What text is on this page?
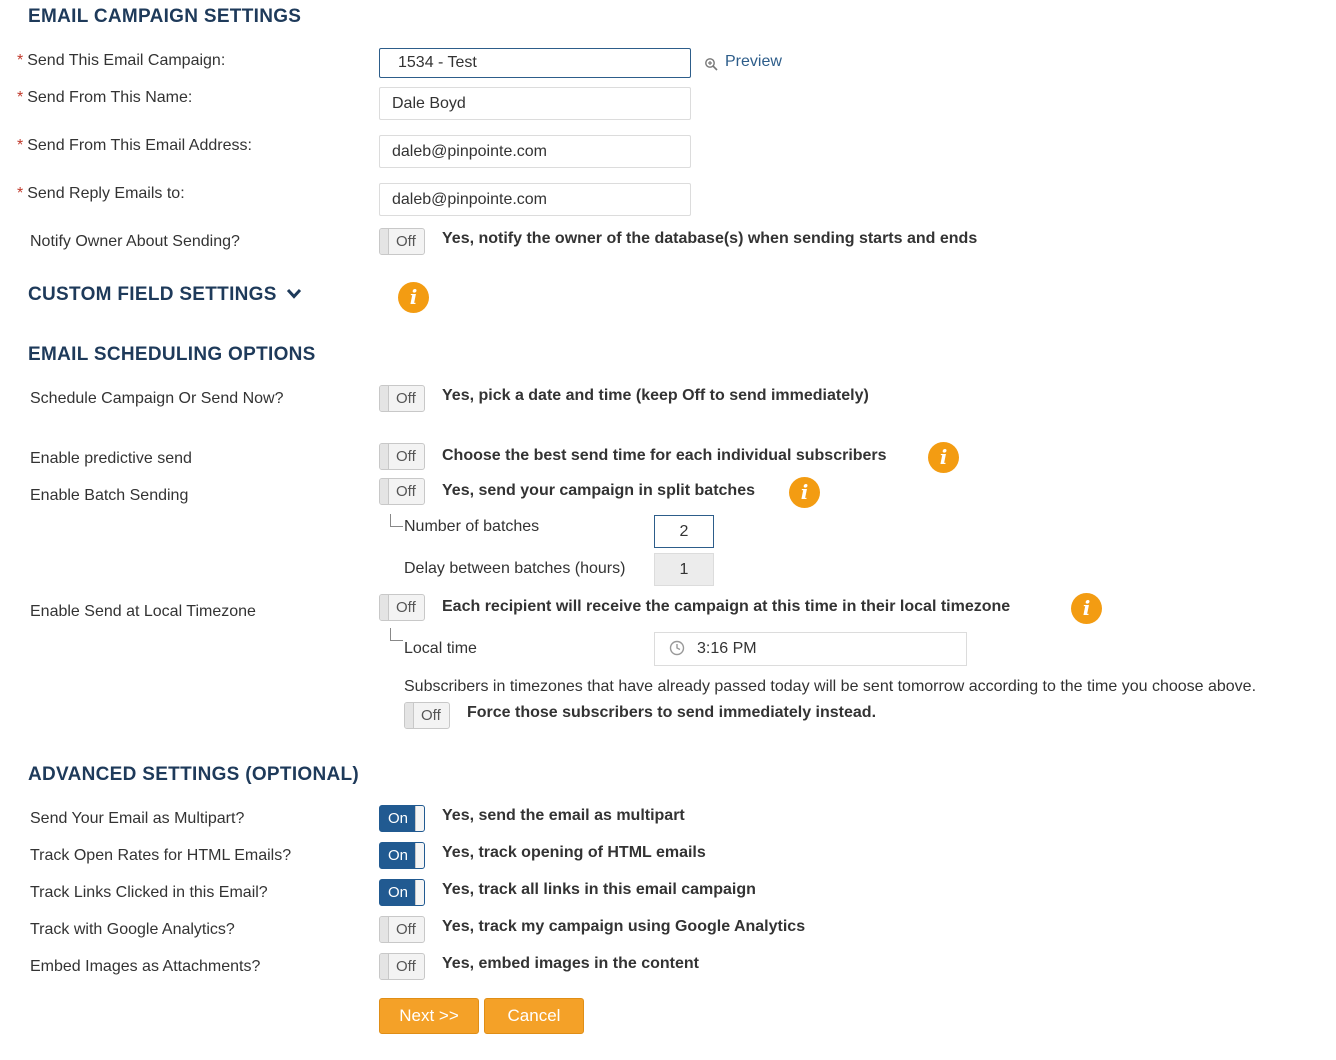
EMAIL CAMPAIGN SETTINGS
* Send This Email Campaign:	1534 - Test	Preview
* Send From This Name:	Dale Boyd
* Send From This Email Address:	daleb@pinpointe.com
* Send Reply Emails to:	daleb@pinpointe.com
Notify Owner About Sending?	Off Yes, notify the owner of the database(s) when sending starts and ends
CUSTOM FIELD SETTINGS	i
EMAIL SCHEDULING OPTIONS
Schedule Campaign Or Send Now?	Off Yes, pick a date and time (keep Off to send immediately)
Enable predictive send	Off Choose the best send time for each individual subscribers	i
Enable Batch Sending	Off Yes, send your campaign in split batches	i
Number of batches	2
Delay between batches (hours)	1
Enable Send at Local Timezone	Off Each recipient will receive the campaign at this time in their local timezone	i
Local time	3:16 PM
Subscribers in timezones that have already passed today will be sent tomorrow according to the time you choose above.
Off Force those subscribers to send immediately instead.
ADVANCED SETTINGS (OPTIONAL)
Send Your Email as Multipart?	On Yes, send the email as multipart
Track Open Rates for HTML Emails?	On Yes, track opening of HTML emails
Track Links Clicked in this Email?	On Yes, track all links in this email campaign
Track with Google Analytics?	Off Yes, track my campaign using Google Analytics
Embed Images as Attachments?	Off Yes, embed images in the content
Next >>	Cancel
